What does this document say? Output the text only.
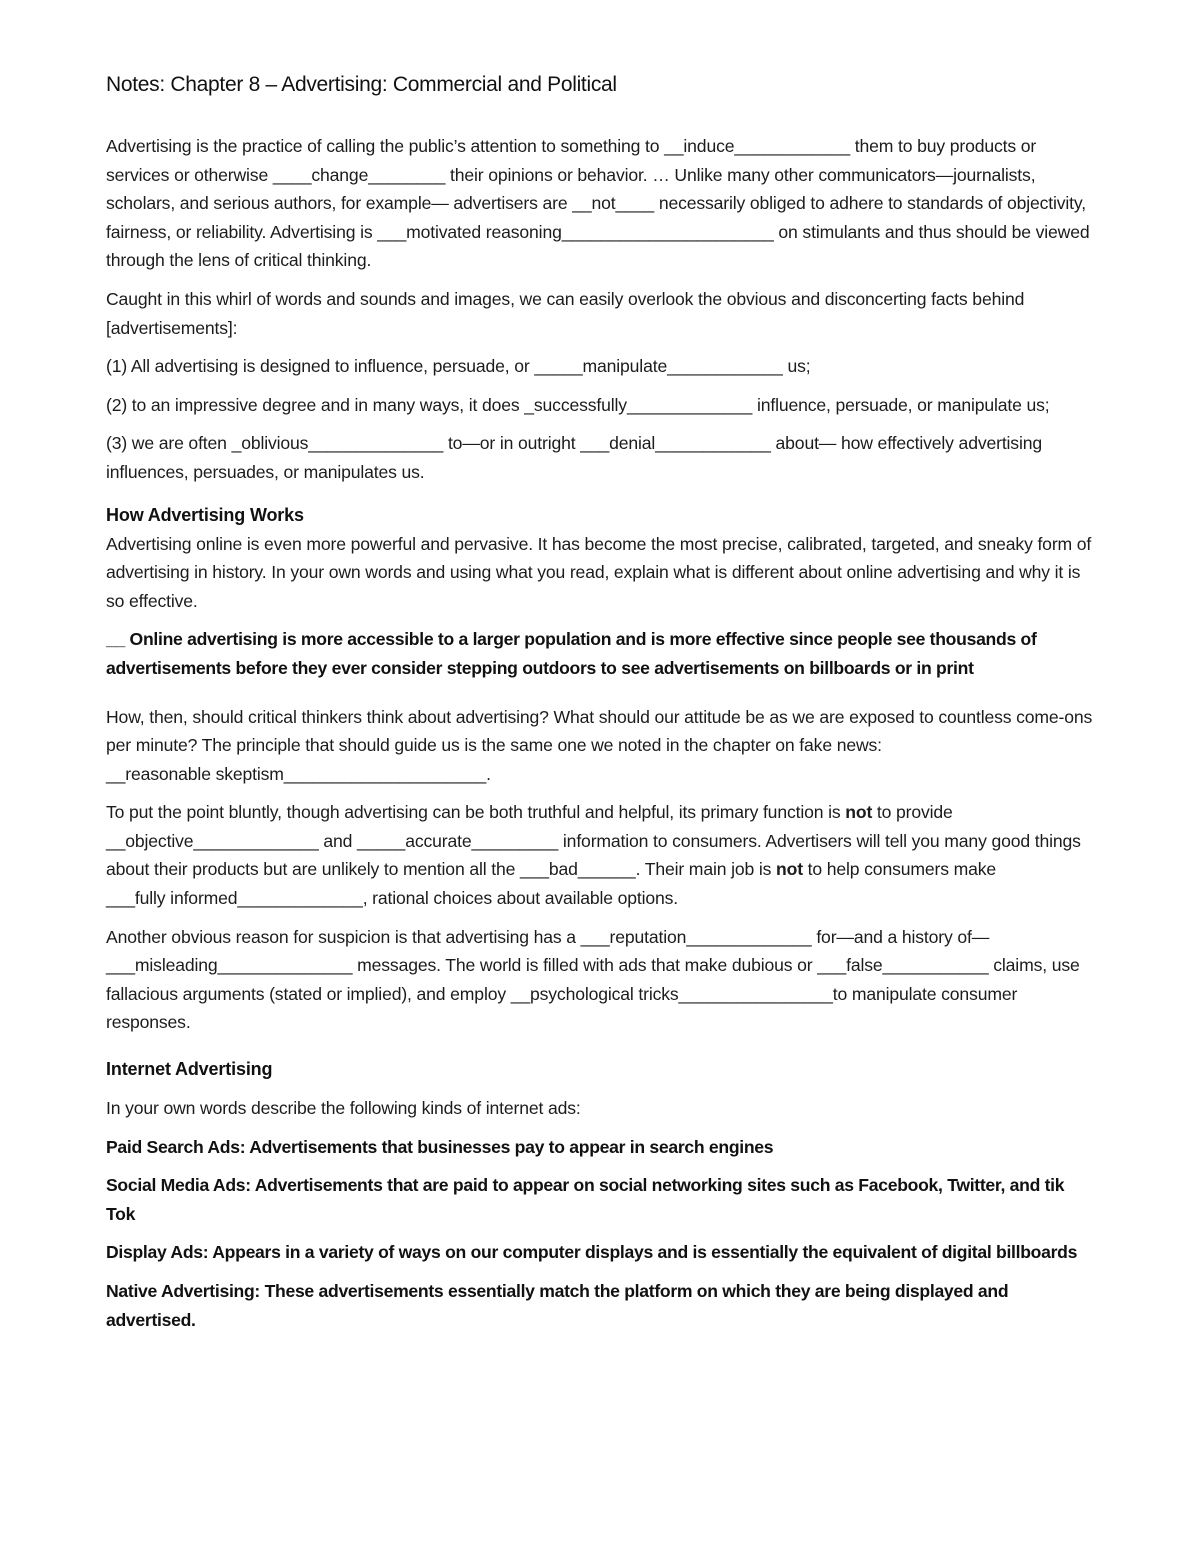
Notes: Chapter 8 – Advertising: Commercial and Political

Advertising is the practice of calling the public’s attention to something to __induce____________ them to buy products or services or otherwise ____change________ their opinions or behavior. … Unlike many other communicators—journalists, scholars, and serious authors, for example— advertisers are __not____ necessarily obliged to adhere to standards of objectivity, fairness, or reliability. Advertising is ___motivated reasoning______________________ on stimulants and thus should be viewed through the lens of critical thinking.

Caught in this whirl of words and sounds and images, we can easily overlook the obvious and disconcerting facts behind [advertisements]:

(1) All advertising is designed to influence, persuade, or _____manipulate____________ us;

(2) to an impressive degree and in many ways, it does _successfully_____________ influence, persuade, or manipulate us;

(3) we are often _oblivious______________ to—or in outright ___denial____________ about— how effectively advertising influences, persuades, or manipulates us.

How Advertising Works

Advertising online is even more powerful and pervasive. It has become the most precise, calibrated, targeted, and sneaky form of advertising in history. In your own words and using what you read, explain what is different about online advertising and why it is so effective.

__ Online advertising is more accessible to a larger population and is more effective since people see thousands of advertisements before they ever consider stepping outdoors to see advertisements on billboards or in print

How, then, should critical thinkers think about advertising? What should our attitude be as we are exposed to countless come-ons per minute? The principle that should guide us is the same one we noted in the chapter on fake news: __reasonable skeptism_____________________.

To put the point bluntly, though advertising can be both truthful and helpful, its primary function is not to provide __objective_____________ and _____accurate_________ information to consumers. Advertisers will tell you many good things about their products but are unlikely to mention all the ___bad______. Their main job is not to help consumers make ___fully informed_____________, rational choices about available options.

Another obvious reason for suspicion is that advertising has a ___reputation_____________ for—and a history of—___misleading______________ messages. The world is filled with ads that make dubious or ___false___________ claims, use fallacious arguments (stated or implied), and employ __psychological tricks________________to manipulate consumer responses.

Internet Advertising

In your own words describe the following kinds of internet ads:

Paid Search Ads: Advertisements that businesses pay to appear in search engines

Social Media Ads: Advertisements that are paid to appear on social networking sites such as Facebook, Twitter, and tik Tok

Display Ads: Appears in a variety of ways on our computer displays and is essentially the equivalent of digital billboards

Native Advertising: These advertisements essentially match the platform on which they are being displayed and advertised.
